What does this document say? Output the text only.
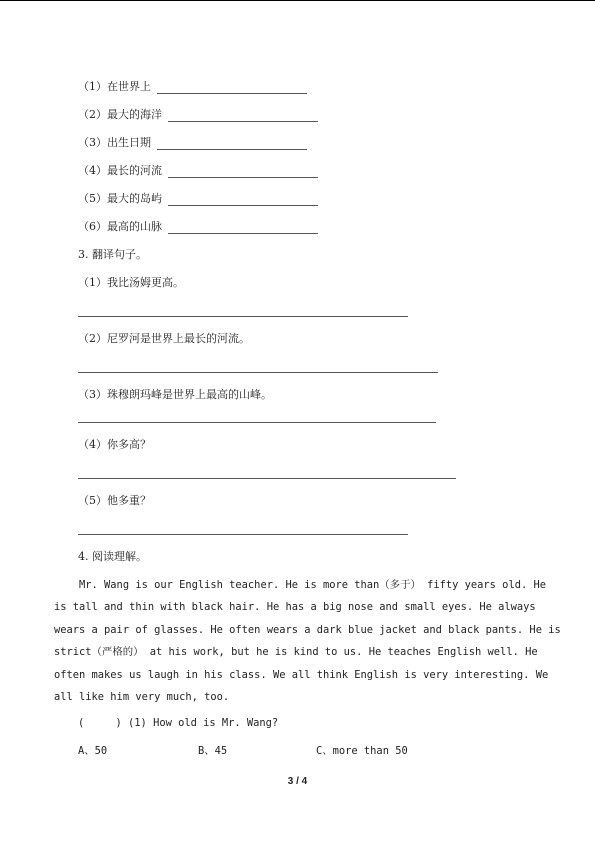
（1）在世界上
（2）最大的海洋
（3）出生日期
（4）最长的河流
（5）最大的岛屿
（6）最高的山脉
3. 翻译句子。
（1）我比汤姆更高。
（2）尼罗河是世界上最长的河流。
（3）珠穆朗玛峰是世界上最高的山峰。
（4）你多高？
（5）他多重？
4. 阅读理解。
Mr. Wang is our English teacher. He is more than（多于） fifty years old. He
is tall and thin with black hair. He has a big nose and small eyes. He always
wears a pair of glasses. He often wears a dark blue jacket and black pants. He is
strict（严格的） at his work, but he is kind to us. He teaches English well. He
often makes us laugh in his class. We all think English is very interesting. We
all like him very much, too.
(     ) (1) How old is Mr. Wang?
A、50	B、45	C、more than 50
3 / 4
